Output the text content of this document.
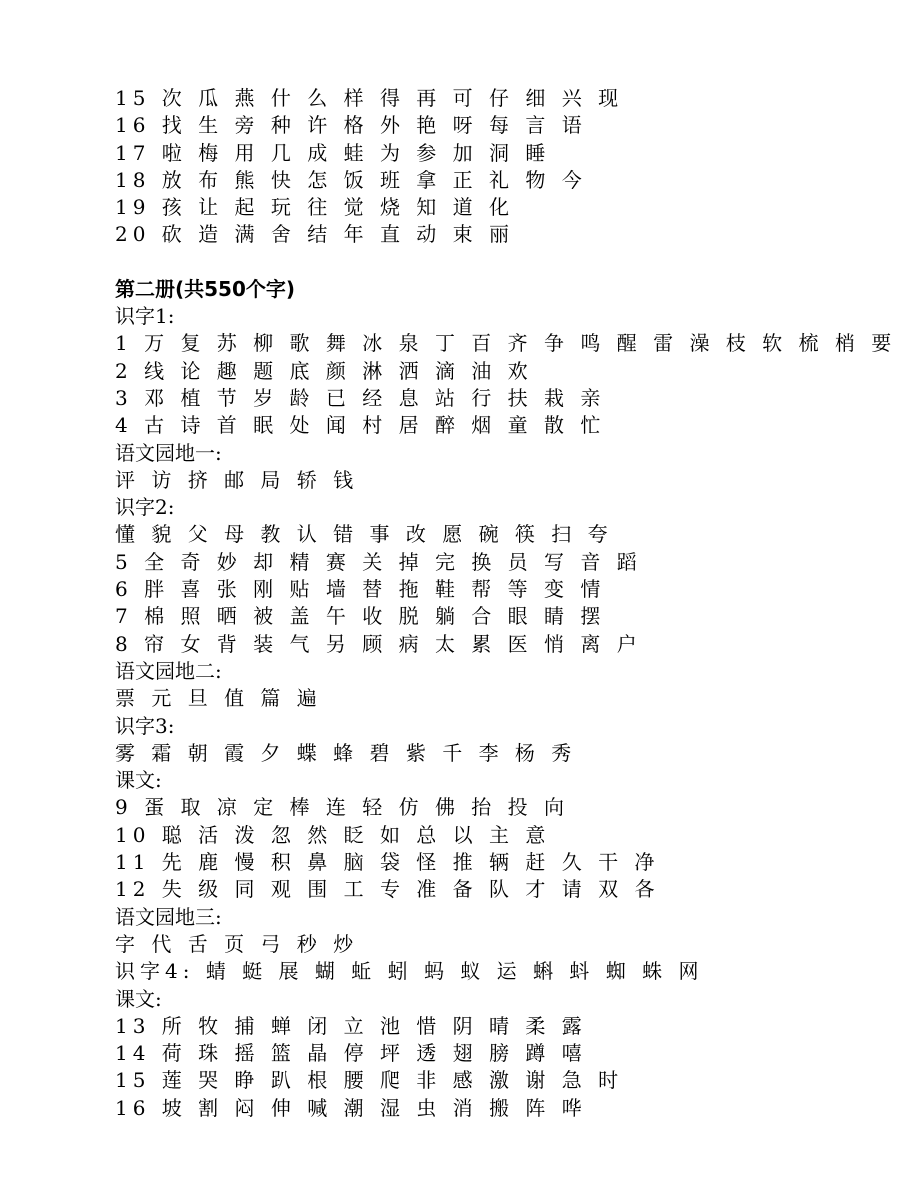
15 次 瓜 燕 什 么 样 得 再 可 仔 细 兴 现
16 找 生 旁 种 许 格 外 艳 呀 每 言 语
17 啦 梅 用 几 成 蛙 为 参 加 洞 睡
18 放 布 熊 快 怎 饭 班 拿 正 礼 物 今
19 孩 让 起 玩 往 觉 烧 知 道 化
20 砍 造 满 舍 结 年 直 动 束 丽
第二册(共550个字)
识字1:
1 万 复 苏 柳 歌 舞 冰 泉 丁 百 齐 争 鸣 醒 雷 澡 枝 软 梳 梢 要
2 线 论 趣 题 底 颜 淋 洒 滴 油 欢
3 邓 植 节 岁 龄 已 经 息 站 行 扶 栽 亲
4 古 诗 首 眠 处 闻 村 居 醉 烟 童 散 忙
语文园地一:
评 访 挤 邮 局 轿 钱
识字2:
懂 貌 父 母 教 认 错 事 改 愿 碗 筷 扫 夸
5 全 奇 妙 却 精 赛 关 掉 完 换 员 写 音 蹈
6 胖 喜 张 刚 贴 墙 替 拖 鞋 帮 等 变 情
7 棉 照 晒 被 盖 午 收 脱 躺 合 眼 睛 摆
8 帘 女 背 装 气 另 顾 病 太 累 医 悄 离 户
语文园地二:
票 元 旦 值 篇 遍
识字3:
雾 霜 朝 霞 夕 蝶 蜂 碧 紫 千 李 杨 秀
课文:
9 蛋 取 凉 定 棒 连 轻 仿 佛 抬 投 向
10 聪 活 泼 忽 然 眨 如 总 以 主 意
11 先 鹿 慢 积 鼻 脑 袋 怪 推 辆 赶 久 干 净
12 失 级 同 观 围 工 专 准 备 队 才 请 双 各
语文园地三:
字 代 舌 页 弓 秒 炒
识字4: 蜻 蜓 展 蝴 蚯 蚓 蚂 蚁 运 蝌 蚪 蜘 蛛 网
课文:
13 所 牧 捕 蝉 闭 立 池 惜 阴 晴 柔 露
14 荷 珠 摇 篮 晶 停 坪 透 翅 膀 蹲 嘻
15 莲 哭 睁 趴 根 腰 爬 非 感 激 谢 急 时
16 坡 割 闷 伸 喊 潮 湿 虫 消 搬 阵 哗
